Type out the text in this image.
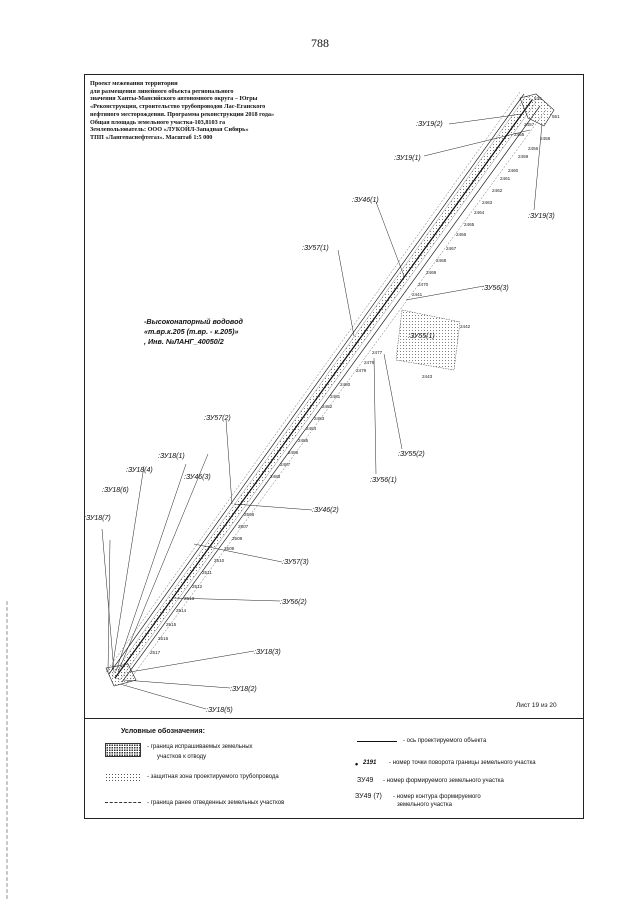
788
Проект межевания территории
для размещения линейного объекта регионального
значения Ханты-Мансийского автономного округа – Югры
«Реконструкция, строительство трубопроводов Лас-Еганского
нефтяного месторождения. Программа реконструкции 2018 года»
Общая площадь земельного участка-103,8103 га
Землепользователь: ООО «ЛУКОЙЛ-Западная Сибирь»
ТПП «Лангепаснефтегаз». Масштаб 1:5 000
:ЗУ19(2)
:ЗУ19(1)
:ЗУ19(3)
:ЗУ46(1)
:ЗУ57(1)
:ЗУ56(3)
:ЗУ55(1)
:ЗУ55(2)
:ЗУ56(1)
:ЗУ57(2)
:ЗУ18(1)
:ЗУ18(4)
:ЗУ46(3)
:ЗУ18(6)
:ЗУ18(7)
:ЗУ46(2)
:ЗУ57(3)
:ЗУ56(2)
:ЗУ18(3)
:ЗУ18(2)
:ЗУ18(5)
-Высоконапорный водовод
«т.вр.к.205 (т.вр. - к.205)»
, Инв. №ЛАНГ_40050/2
535
551
2458
2459
2460
2461
2462
2463
2464
2465
2466
2467
2468
2469
2470
2441
2442
2443
2477
2478
2479
2480
2481
2482
2483
2484
2485
2486
2487
2488
2506
2507
2508
2509
2510
2511
2512
2513
2514
2515
2516
2517
2455
2456
2457
Лист 19 из 20
Условные обозначения:
- граница испрашиваемых земельных
участков к отводу
- защитная зона проектируемого трубопровода
- граница ранее отведенных земельных участков
- ось проектируемого объекта
• 2191 - номер точки поворота границы земельного участка
ЗУ49 - номер формируемого земельного участка
ЗУ49 (7) - номер контура формируемого
земельного участка
